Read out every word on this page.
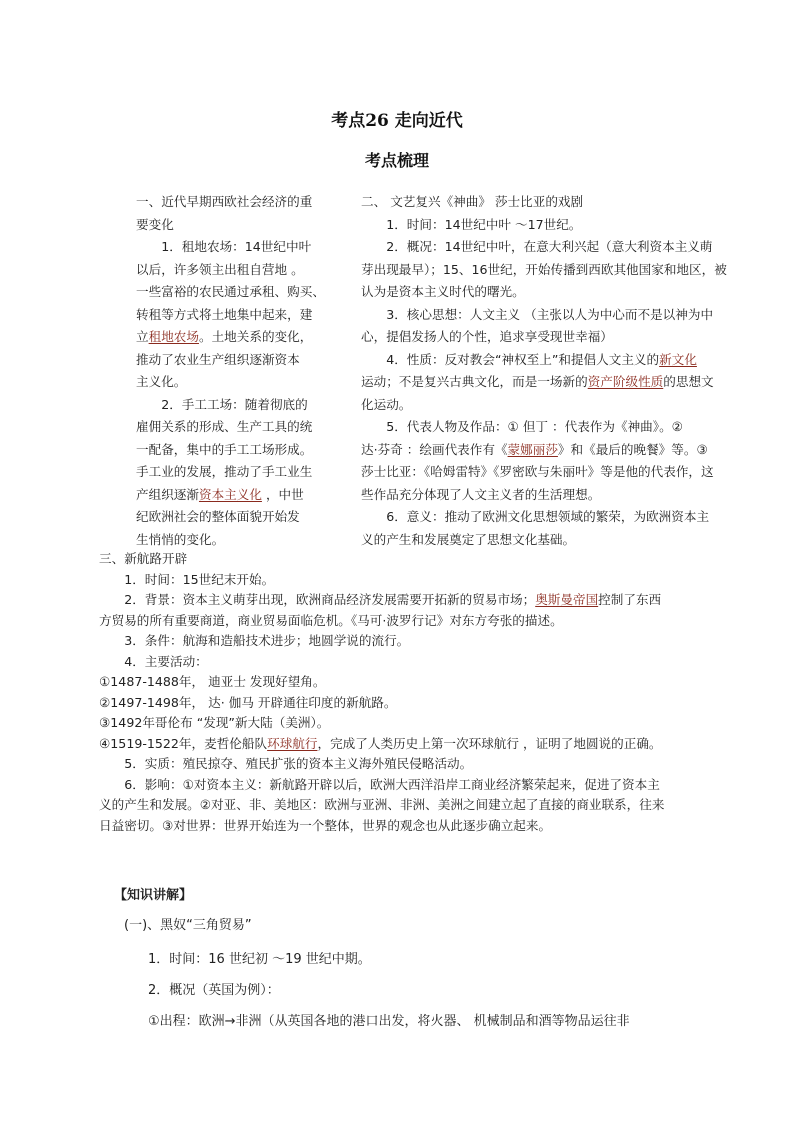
考点26 走向近代
考点梳理

一、近代早期西欧社会经济的重

要变化

1．租地农场：14世纪中叶

以后，许多领主出租自营地 。

一些富裕的农民通过承租、购买、

转租等方式将土地集中起来，建

立租地农场。土地关系的变化，

推动了农业生产组织逐渐资本

主义化。

2．手工工场：随着彻底的

雇佣关系的形成、生产工具的统

一配备，集中的手工工场形成。

手工业的发展，推动了手工业生

产组织逐渐资本主义化 ，中世

纪欧洲社会的整体面貌开始发

生悄悄的变化。

二、 文艺复兴《神曲》 莎士比亚的戏剧

1．时间：14世纪中叶 ～17世纪。

2．概况：14世纪中叶，在意大利兴起（意大利资本主义萌

芽出现最早）；15、16世纪，开始传播到西欧其他国家和地区，被

认为是资本主义时代的曙光。

3．核心思想：人文主义 （主张以人为中心而不是以神为中

心，提倡发扬人的个性，追求享受现世幸福）

4．性质：反对教会“神权至上”和提倡人文主义的新文化

运动；不是复兴古典文化，而是一场新的资产阶级性质的思想文

化运动。

5．代表人物及作品：① 但丁 ：代表作为《神曲》。②

达·芬奇 ：绘画代表作有《蒙娜丽莎》和《最后的晚餐》等。③

莎士比亚：《哈姆雷特》《罗密欧与朱丽叶》等是他的代表作，这

些作品充分体现了人文主义者的生活理想。

6．意义：推动了欧洲文化思想领域的繁荣，为欧洲资本主

义的产生和发展奠定了思想文化基础。

三、新航路开辟

1．时间：15世纪末开始。

2．背景：资本主义萌芽出现，欧洲商品经济发展需要开拓新的贸易市场；奥斯曼帝国控制了东西

方贸易的所有重要商道，商业贸易面临危机。《马可·波罗行记》对东方夸张的描述。

3．条件：航海和造船技术进步；地圆学说的流行。

4．主要活动：

①1487-1488年， 迪亚士 发现好望角。

②1497-1498年， 达· 伽马 开辟通往印度的新航路。

③1492年哥伦布 “发现”新大陆（美洲）。

④1519-1522年，麦哲伦船队环球航行，完成了人类历史上第一次环球航行 ，证明了地圆说的正确。

5．实质：殖民掠夺、殖民扩张的资本主义海外殖民侵略活动。

6．影响：①对资本主义：新航路开辟以后，欧洲大西洋沿岸工商业经济繁荣起来，促进了资本主

义的产生和发展。②对亚、非、美地区：欧洲与亚洲、非洲、美洲之间建立起了直接的商业联系，往来

日益密切。③对世界：世界开始连为一个整体，世界的观念也从此逐步确立起来。

【知识讲解】
(一)、黑奴“三角贸易”
1．时间：16 世纪初 ～19 世纪中期。
2．概况（英国为例）：
①出程：欧洲→非洲（从英国各地的港口出发，将火器、 机械制品和酒等物品运往非
